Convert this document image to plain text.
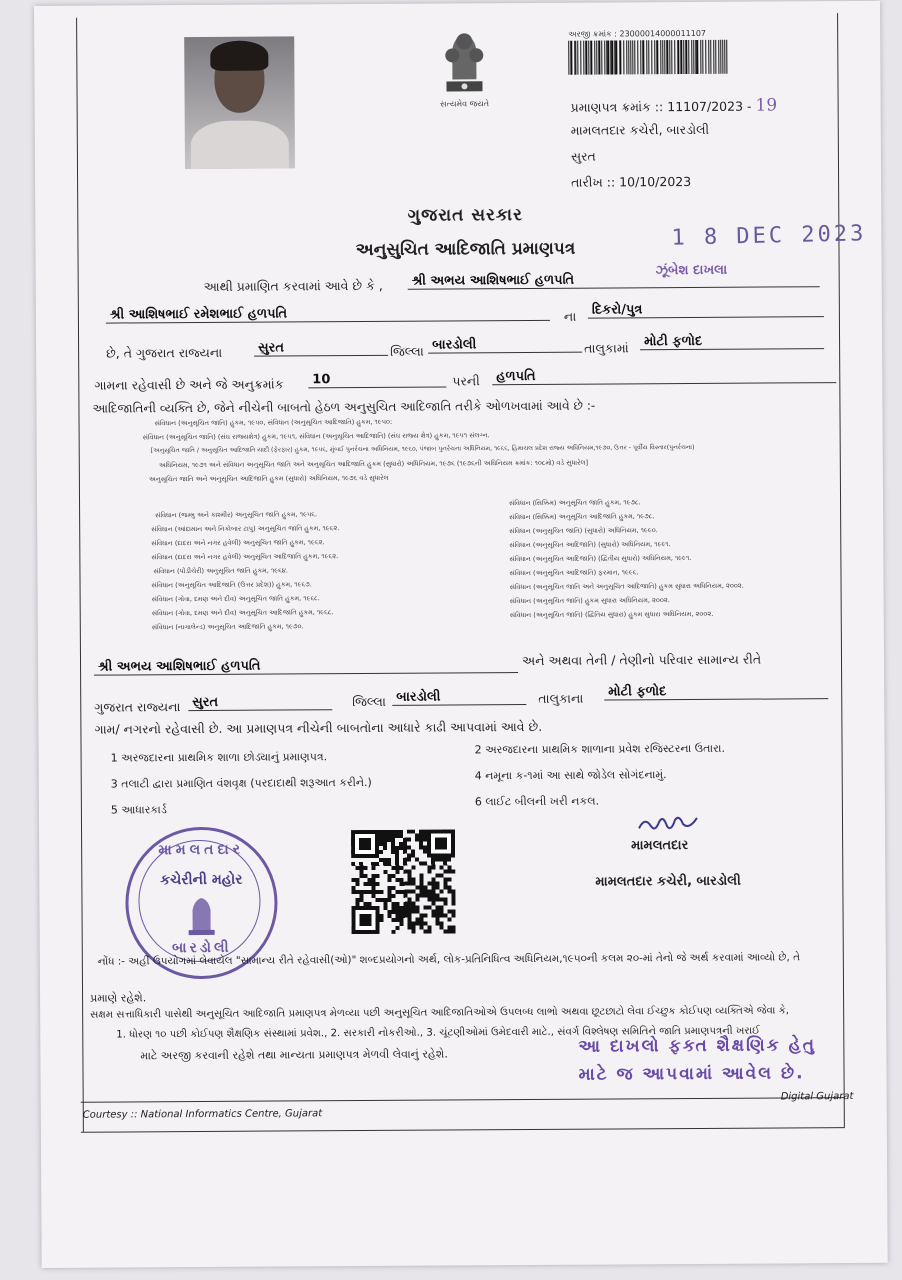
સત્યમેવ જયતે
અરજી ક્રમાંક : 23000014000011107
પ્રમાણપત્ર ક્રમાંક :: 11107/2023 - 19
મામલતદાર કચેરી, બારડોલી
સુરત
તારીખ :: 10/10/2023
ગુજરાત સરકાર
અનુસુચિત આદિજાતિ પ્રમાણપત્ર	1 8 DEC 2023
ઝૂંબેશ દાખલા
આથી પ્રમાણિત કરવામાં આવે છે કે ,	શ્રી અભય આશિષભાઈ હળપતિ
શ્રી આશિષભાઈ રમેશભાઈ હળપતિ	ના	દિકરો/પુત્ર
છે, તે ગુજરાત રાજ્યના	સુરત	જિલ્લા બારડોલી	તાલુકામાં	મોટી ફળોદ
ગામના રહેવાસી છે અને જે અનુક્રમાંક	10	પરની	હળપતિ
આદિજાતિની વ્યક્તિ છે, જેને નીચેની બાબતો હેઠળ અનુસુચિત આદિજાતિ તરીકે ઓળખવામાં આવે છે :-
સંવિધાન (અનુસૂચિત જાતિ) હુકમ, ૧૯૫૦, સંવિધાન (અનુસૂચિત આદિજાતિ) હુકમ, ૧૯૫૦:
સંવિધાન (અનુસૂચિત જાતિ) (સંઘ રાજ્યક્ષેત્ર) હુકમ, ૧૯૫૧, સંવિધાન (અનુસૂચિત આદિજાતિ) (સંઘ રાજ્ય ક્ષેત્ર) હુકમ, ૧૯૫૧ સંલગ્ન.
[અનુસૂચિત જાતિ / અનુસૂચિત આદિજાતિ યાદી (ફેરફાર) હુકમ, ૧૯૫૬, મુંબઈ પુનર્રચના અધિનિયમ, ૧૯૬૦, પંજાબ પુનર્રચના અધિનિયમ, ૧૯૬૬, હિમાચલ પ્રદેશ રાજ્ય અધિનિયમ,૧૯૭૦, ઉત્તર - પૂર્વીય વિસ્તાર(પુનર્રચના)
અધિનિયમ, ૧૯૭૧ અને સંવિધાન અનુસૂચિત જાતિ અને અનુસૂચિત આદિજાતિ હુકમ (સુધારો) અધિનિયમ, ૧૯૭૬ (૧૯૭૬ની અધિનિયમ ક્રમાંક: ૧૦૮મો) વડે સુધારેલ]
અનુસૂચિત જાતિ અને અનુસૂચિત આદિજાતિ હુકમ (સુધારો) અધિનિયમ, ૧૯૭૬ વડે સુધારેલ
સંવિધાન (જમ્મુ અને કાશ્મીર) અનુસૂચિત જાતિ હુકમ, ૧૯૫૬.
સંવિધાન (આંદામાન અને નિકોબાર ટાપુ) અનુસૂચિત જાતિ હુકમ, ૧૯૬૨.
સંવિધાન (દાદરા અને નગર હવેલી) અનુસૂચિત જાતિ હુકમ, ૧૯૬૨.
સંવિધાન (દાદરા અને નગર હવેલી) અનુસૂચિત આદિજાતિ હુકમ, ૧૯૬૨.
સંવિધાન (પોંડીચેરી) અનુસૂચિત જાતિ હુકમ, ૧૯૬૪.
સંવિધાન (અનુસૂચિત આદિજાતિ (ઉત્તર પ્રદેશ)) હુકમ, ૧૯૬૭.
સંવિધાન (ગોવા, દમણ અને દીવ) અનુસૂચિત જાતિ હુકમ, ૧૯૬૮.
સંવિધાન (ગોવા, દમણ અને દીવ) અનુસૂચિત આદિજાતિ હુકમ, ૧૯૬૮.
સંવિધાન (નાગાલેન્ડ) અનુસૂચિત આદિજાતિ હુકમ, ૧૯૭૦.
સંવિધાન (સિક્કિમ) અનુસૂચિત જાતિ હુકમ, ૧૯૭૮.
સંવિધાન (સિક્કિમ) અનુસૂચિત આદિજાતિ હુકમ, ૧૯૭૮.
સંવિધાન (અનુસૂચિત જાતિ) (સુધારો) અધિનિયમ, ૧૯૯૦.
સંવિધાન (અનુસૂચિત આદિજાતિ) (સુધારો) અધિનિયમ, ૧૯૯૧.
સંવિધાન (અનુસૂચિત આદિજાતિ) (દ્વિતીય સુધારો) અધિનિયમ, ૧૯૯૧.
સંવિધાન (અનુસૂચિત આદિજાતિ) ફરમાન, ૧૯૯૬.
સંવિધાન (અનુસૂચિત જાતિ અને અનુસૂચિત આદિજાતિ) હુકમ સુધારા અધિનિયમ, ૨૦૦૨.
સંવિધાન (અનુસૂચિત જાતિ) હુકમ સુધારા અધિનિયમ, ૨૦૦૨.
સંવિધાન (અનુસૂચિત જાતિ) (દ્વિતિય સુધારા) હુકમ સુધારા અધિનિયમ, ૨૦૦૨.
શ્રી અભય આશિષભાઈ હળપતિ	અને અથવા તેની / તેણીનો પરિવાર સામાન્ય રીતે
ગુજરાત રાજ્યના સુરત	જિલ્લા બારડોલી	તાલુકાના	મોટી ફળોદ
ગામ/ નગરનો રહેવાસી છે. આ પ્રમાણપત્ર નીચેની બાબતોના આધારે કાઢી આપવામાં આવે છે.
1 અરજદારના પ્રાથમિક શાળા છોડ્યાનું પ્રમાણપત્ર.
2 અરજદારના પ્રાથમિક શાળાના પ્રવેશ રજિસ્ટરના ઉતારા.
3 તલાટી દ્વારા પ્રમાણિત વંશવૃક્ષ (પરદાદાથી શરૂઆત કરીને.)
4 નમૂના ક-૧માં આ સાથે જોડેલ સોગંદનામું.
5 આધારકાર્ડ
6 લાઈટ બીલની ખરી નકલ.
મામલતદાર
કચેરીની મહોર
બારડોલી
મામલતદાર
મામલતદાર કચેરી, બારડોલી
નોંધ :- અહીં ઉપયોગમાં લેવાયેલ "સામાન્ય રીતે રહેવાસી(ઓ)" શબ્દપ્રયોગનો અર્થ, લોક-પ્રતિનિધિત્વ અધિનિયમ,૧૯૫૦ની કલમ ૨૦-માં તેનો જે અર્થ કરવામાં આવ્યો છે, તે
પ્રમાણે રહેશે.
સક્ષમ સત્તાધિકારી પાસેથી અનુસૂચિત આદિજાતિ પ્રમાણપત્ર મેળવ્યા પછી અનુસૂચિત આદિજાતિઓએ ઉપલબ્ધ લાભો અથવા છૂટછાટો લેવા ઈચ્છુક કોઈપણ વ્યક્તિએ જેવા કે,
1. ધોરણ ૧૦ પછી કોઈપણ શૈક્ષણિક સંસ્થામાં પ્રવેશ., 2. સરકારી નોકરીઓ., 3. ચૂંટણીઓમાં ઉમેદવારી માટે., સંવર્ગ વિશ્લેષણ સમિતિને જાતિ પ્રમાણપત્રની ખરાઈ
માટે અરજી કરવાની રહેશે તથા માન્યતા પ્રમાણપત્ર મેળવી લેવાનું રહેશે.	આ દાખલો ફક્ત શૈક્ષણિક હેતુ
માટે જ આપવામાં આવેલ છે.
Courtesy :: National Informatics Centre, Gujarat
Digital Gujarat
